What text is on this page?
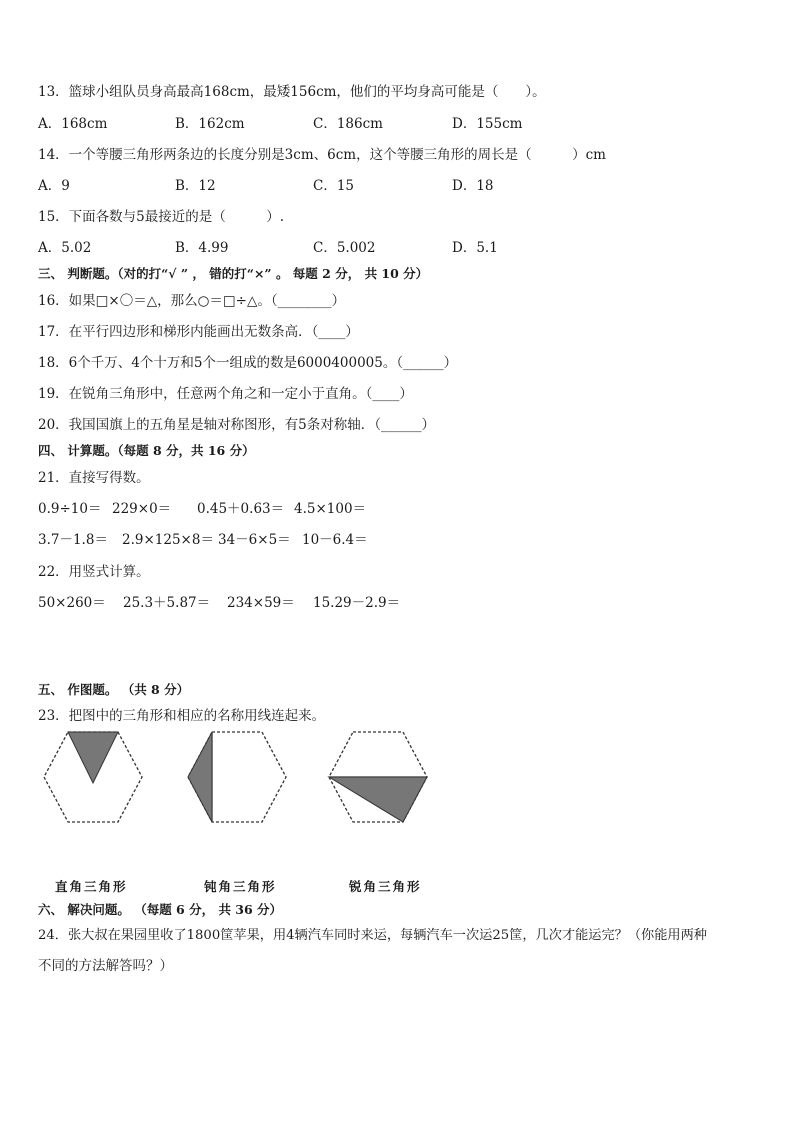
13．篮球小组队员身高最高168cm，最矮156cm，他们的平均身高可能是（　　）。
A．168cm	B．162cm	C．186cm	D．155cm
14．一个等腰三角形两条边的长度分别是3cm、6cm，这个等腰三角形的周长是（　　　）cm
A．9	B．12	C．15	D．18
15．下面各数与5最接近的是（　　　）.
A．5.02	B．4.99	C．5.002	D．5.1
三、 判断题。（对的打“√ ” ， 错的打“×” 。 每题 2 分， 共 10 分）
16．如果□×〇＝△，那么○＝□÷△。（________）
17．在平行四边形和梯形内能画出无数条高．（____）
18．6个千万、4个十万和5个一组成的数是6000400005。（______）
19．在锐角三角形中，任意两个角之和一定小于直角。（____）
20．我国国旗上的五角星是轴对称图形，有5条对称轴．（______）
四、 计算题。（每题 8 分，共 16 分）
21．直接写得数。
0.9÷10＝ 229×0＝ 0.45＋0.63＝ 4.5×100＝
3.7－1.8＝ 2.9×125×8＝ 34－6×5＝ 10－6.4＝
22．用竖式计算。
50×260＝ 25.3＋5.87＝ 234×59＝ 15.29－2.9＝
五、 作图题。 （共 8 分）
23．把图中的三角形和相应的名称用线连起来。
直角三角形	钝角三角形	锐角三角形
六、 解决问题。 （每题 6 分， 共 36 分）
24．张大叔在果园里收了1800筐苹果，用4辆汽车同时来运，每辆汽车一次运25筐，几次才能运完？（你能用两种
不同的方法解答吗？）
